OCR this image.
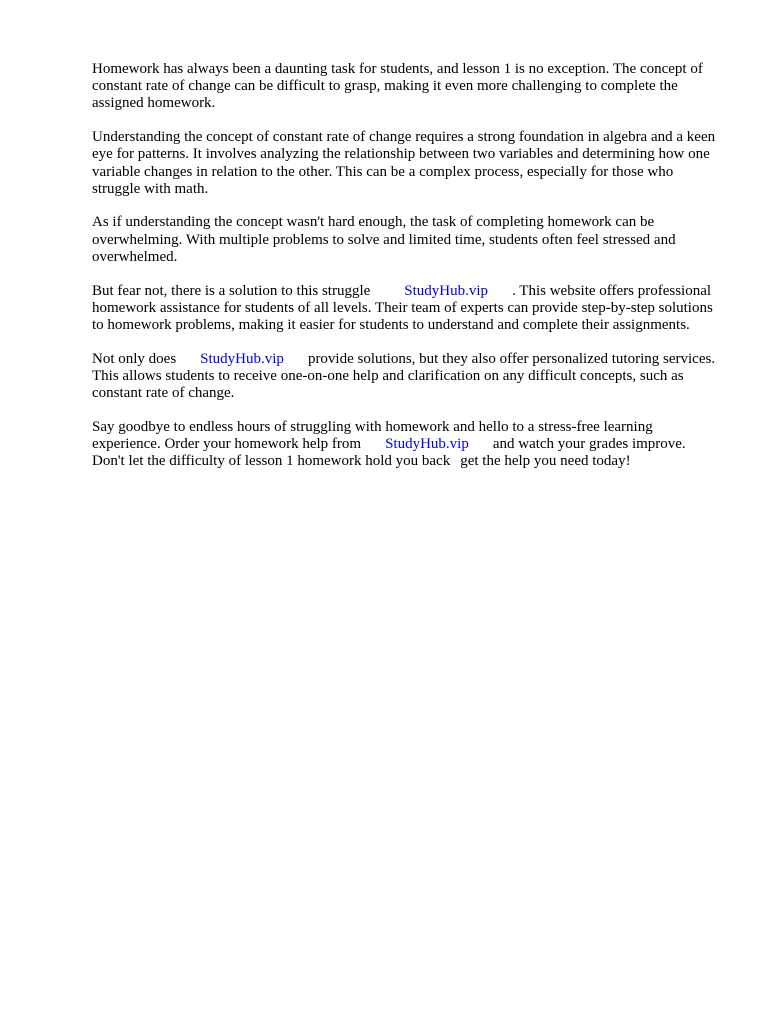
Homework has always been a daunting task for students, and lesson 1 is no exception. The concept of constant rate of change can be difficult to grasp, making it even more challenging to complete the assigned homework.

Understanding the concept of constant rate of change requires a strong foundation in algebra and a keen eye for patterns. It involves analyzing the relationship between two variables and determining how one variable changes in relation to the other. This can be a complex process, especially for those who struggle with math.

As if understanding the concept wasn't hard enough, the task of completing homework can be overwhelming. With multiple problems to solve and limited time, students often feel stressed and overwhelmed.

But fear not, there is a solution to this struggle StudyHub.vip . This website offers professional homework assistance for students of all levels. Their team of experts can provide step-by-step solutions to homework problems, making it easier for students to understand and complete their assignments.

Not only does StudyHub.vip provide solutions, but they also offer personalized tutoring services. This allows students to receive one-on-one help and clarification on any difficult concepts, such as constant rate of change.

Say goodbye to endless hours of struggling with homework and hello to a stress-free learning experience. Order your homework help from StudyHub.vip and watch your grades improve. Don't let the difficulty of lesson 1 homework hold you back get the help you need today!
